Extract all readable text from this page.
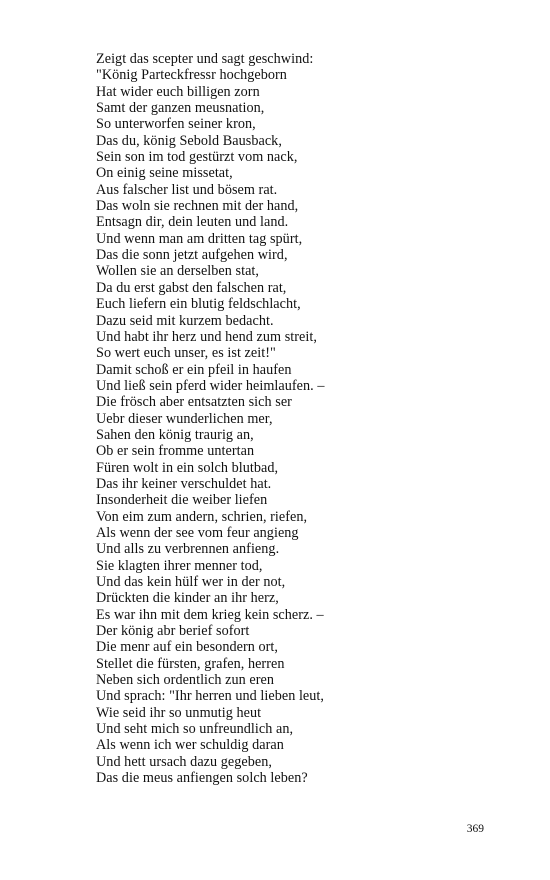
Zeigt das scepter und sagt geschwind:
"König Parteckfressr hochgeborn
Hat wider euch billigen zorn
Samt der ganzen meusnation,
So unterworfen seiner kron,
Das du, könig Sebold Bausback,
Sein son im tod gestürzt vom nack,
On einig seine missetat,
Aus falscher list und bösem rat.
Das woln sie rechnen mit der hand,
Entsagn dir, dein leuten und land.
Und wenn man am dritten tag spürt,
Das die sonn jetzt aufgehen wird,
Wollen sie an derselben stat,
Da du erst gabst den falschen rat,
Euch liefern ein blutig feldschlacht,
Dazu seid mit kurzem bedacht.
Und habt ihr herz und hend zum streit,
So wert euch unser, es ist zeit!"
Damit schoß er ein pfeil in haufen
Und ließ sein pferd wider heimlaufen. –
Die frösch aber entsatzten sich ser
Uebr dieser wunderlichen mer,
Sahen den könig traurig an,
Ob er sein fromme untertan
Füren wolt in ein solch blutbad,
Das ihr keiner verschuldet hat.
Insonderheit die weiber liefen
Von eim zum andern, schrien, riefen,
Als wenn der see vom feur angieng
Und alls zu verbrennen anfieng.
Sie klagten ihrer menner tod,
Und das kein hülf wer in der not,
Drückten die kinder an ihr herz,
Es war ihn mit dem krieg kein scherz. –
Der könig abr berief sofort
Die menr auf ein besondern ort,
Stellet die fürsten, grafen, herren
Neben sich ordentlich zun eren
Und sprach: "Ihr herren und lieben leut,
Wie seid ihr so unmutig heut
Und seht mich so unfreundlich an,
Als wenn ich wer schuldig daran
Und hett ursach dazu gegeben,
Das die meus anfiengen solch leben?
369
